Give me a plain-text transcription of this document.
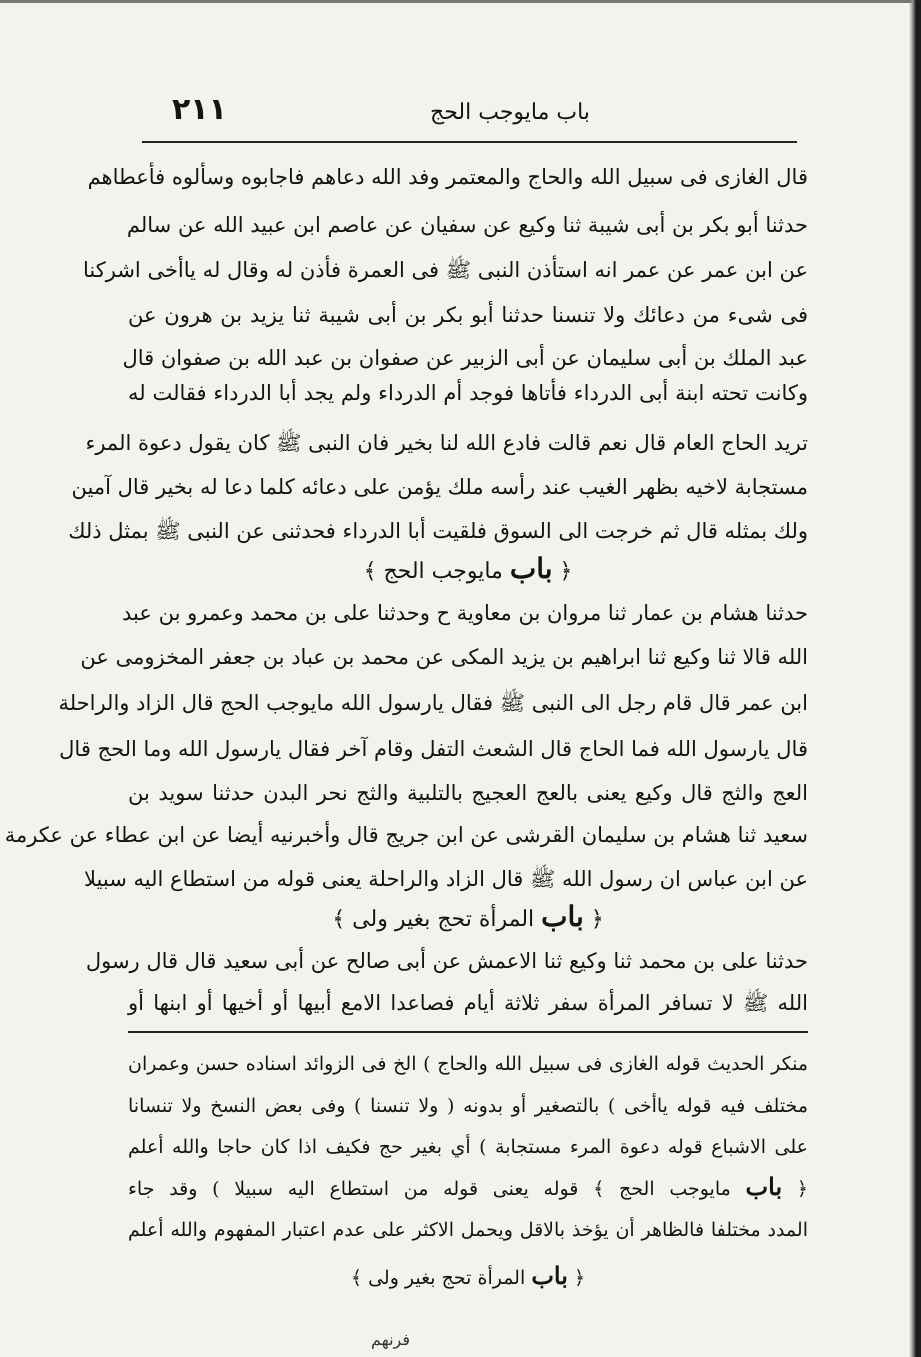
٢١١	باب مايوجب الحج
قال الغازى فى سبيل الله والحاج والمعتمر وفد الله دعاهم فاجابوه وسألوه فأعطاهم
حدثنا أبو بكر بن أبى شيبة ثنا وكيع عن سفيان عن عاصم ابن عبيد الله عن سالم
عن ابن عمر عن عمر انه استأذن النبى ﷺ فى العمرة فأذن له وقال له ياأخى اشركنا
فى شىء من دعائك ولا تنسنا حدثنا أبو بكر بن أبى شيبة ثنا يزيد بن هرون عن
عبد الملك بن أبى سليمان عن أبى الزبير عن صفوان بن عبد الله بن صفوان قال
وكانت تحته ابنة أبى الدرداء فأتاها فوجد أم الدرداء ولم يجد أبا الدرداء فقالت له
تريد الحاج العام قال نعم قالت فادع الله لنا بخير فان النبى ﷺ كان يقول دعوة المرء
مستجابة لاخيه بظهر الغيب عند رأسه ملك يؤمن على دعائه كلما دعا له بخير قال آمين
ولك بمثله قال ثم خرجت الى السوق فلقيت أبا الدرداء فحدثنى عن النبى ﷺ بمثل ذلك
﴿ باب مايوجب الحج ﴾
حدثنا هشام بن عمار ثنا مروان بن معاوية ح وحدثنا على بن محمد وعمرو بن عبد
الله قالا ثنا وكيع ثنا ابراهيم بن يزيد المكى عن محمد بن عباد بن جعفر المخزومى عن
ابن عمر قال قام رجل الى النبى ﷺ فقال يارسول الله مايوجب الحج قال الزاد والراحلة
قال يارسول الله فما الحاج قال الشعث التفل وقام آخر فقال يارسول الله وما الحج قال
العج والثج قال وكيع يعنى بالعج العجيج بالتلبية والثج نحر البدن حدثنا سويد بن
سعيد ثنا هشام بن سليمان القرشى عن ابن جريج قال وأخبرنيه أيضا عن ابن عطاء عن عكرمة
عن ابن عباس ان رسول الله ﷺ قال الزاد والراحلة يعنى قوله من استطاع اليه سبيلا
﴿ باب المرأة تحج بغير ولى ﴾
حدثنا على بن محمد ثنا وكيع ثنا الاعمش عن أبى صالح عن أبى سعيد قال قال رسول
الله ﷺ لا تسافر المرأة سفر ثلاثة أيام فصاعدا الامع أبيها أو أخيها أو ابنها أو
منكر الحديث قوله الغازى فى سبيل الله والحاج ) الخ فى الزوائد اسناده حسن وعمران
مختلف فيه قوله ياأخى ) بالتصغير أو بدونه ( ولا تنسنا ) وفى بعض النسخ ولا تنسانا
على الاشباع قوله دعوة المرء مستجابة ) أي بغير حج فكيف اذا كان حاجا والله أعلم
﴿ باب مايوجب الحج ﴾ قوله يعنى قوله من استطاع اليه سبيلا ) وقد جاء
المدد مختلفا فالظاهر أن يؤخذ بالاقل ويحمل الاكثر على عدم اعتبار المفهوم والله أعلم
﴿ باب المرأة تحج بغير ولى ﴾
فرنهم
